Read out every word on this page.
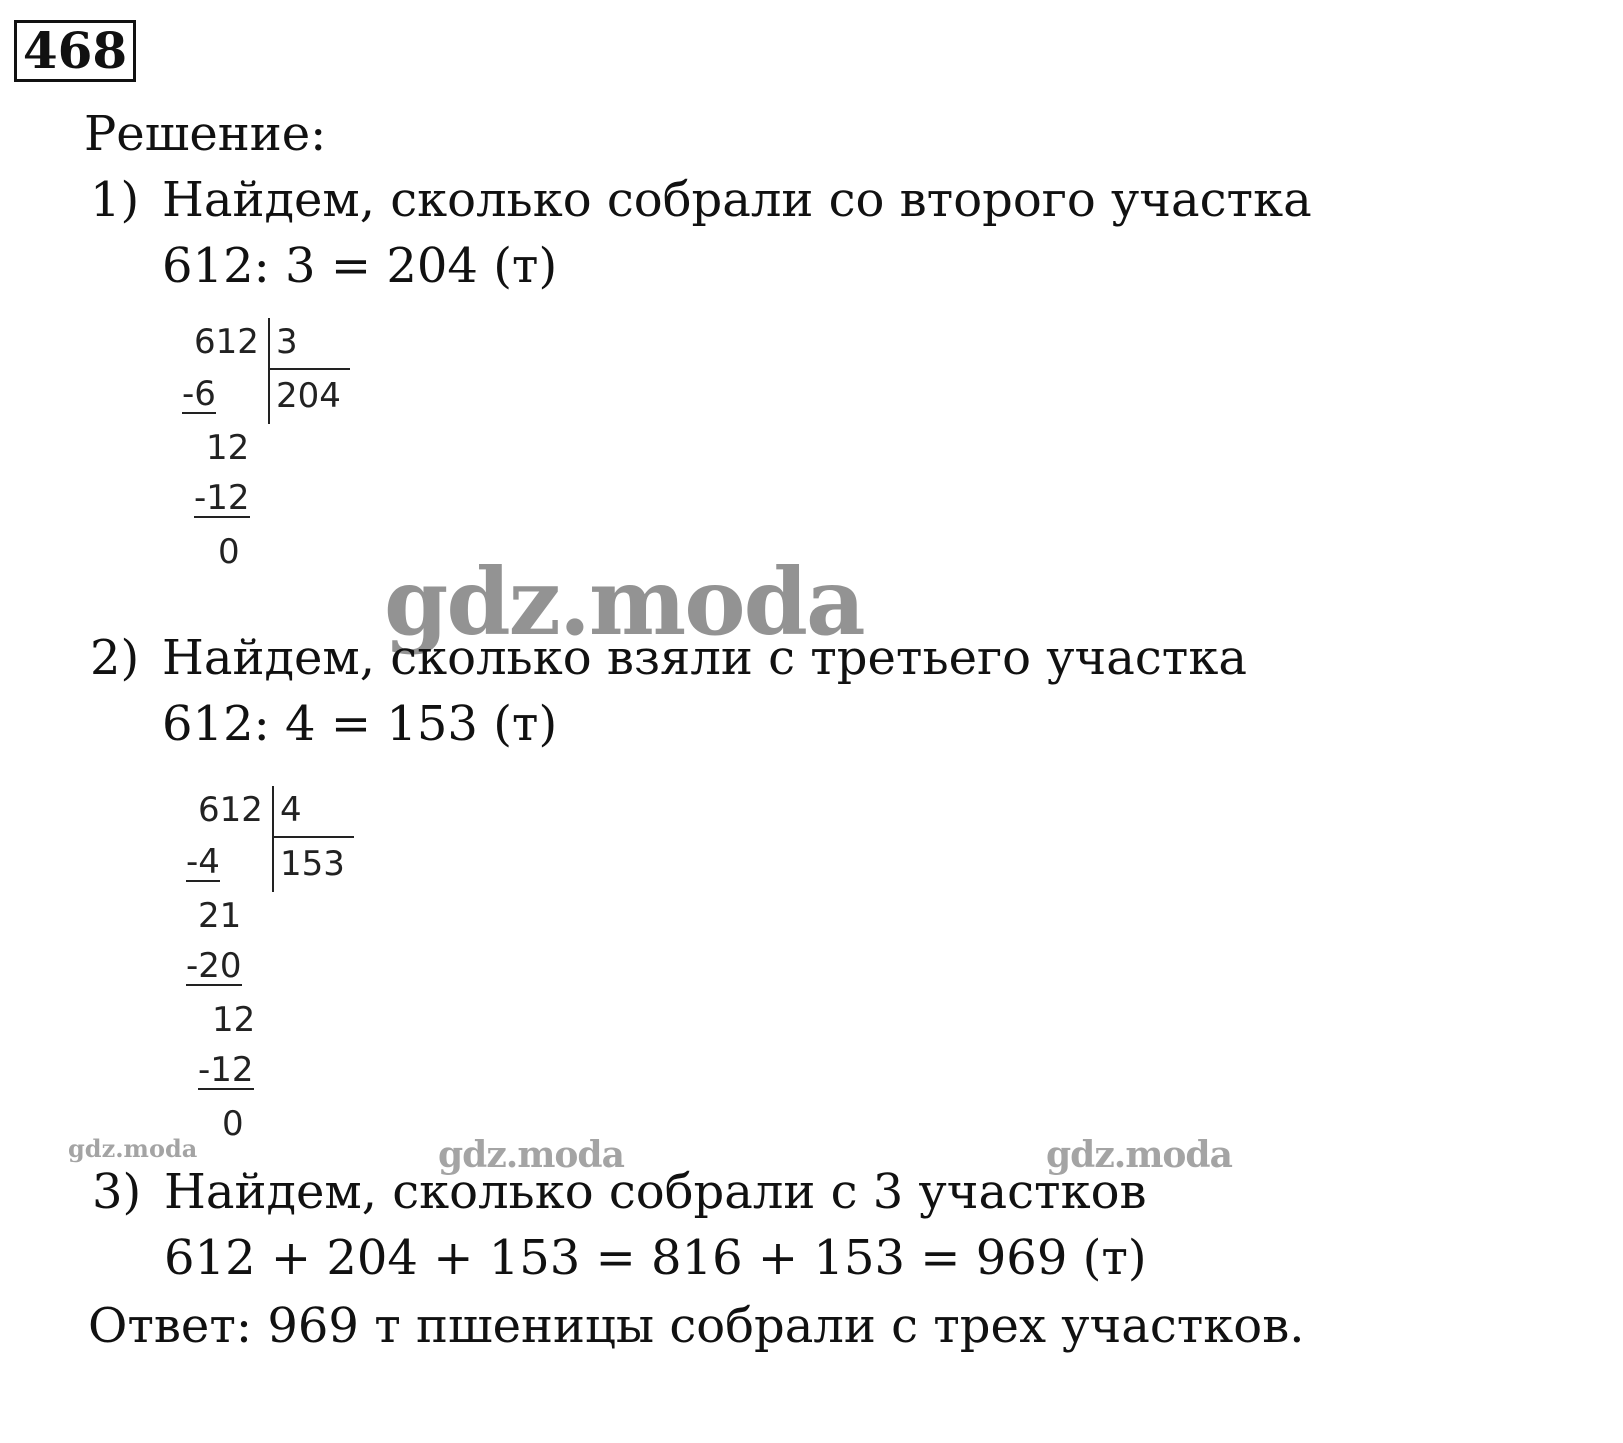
468
Решение:
1) Найдем, сколько собрали со второго участка
612: 3 = 204 (т)
612 3
204
-6
12
-12
0 gdz.moda
2) Найдем, сколько взяли с третьего участка
612: 4 = 153 (т)
612 4
153
-4
21
-20
12
-12
0
gdz.moda	gdz.moda	gdz.moda
3) Найдем, сколько собрали с 3 участков
612 + 204 + 153 = 816 + 153 = 969 (т)
Ответ: 969 т пшеницы собрали с трех участков.
